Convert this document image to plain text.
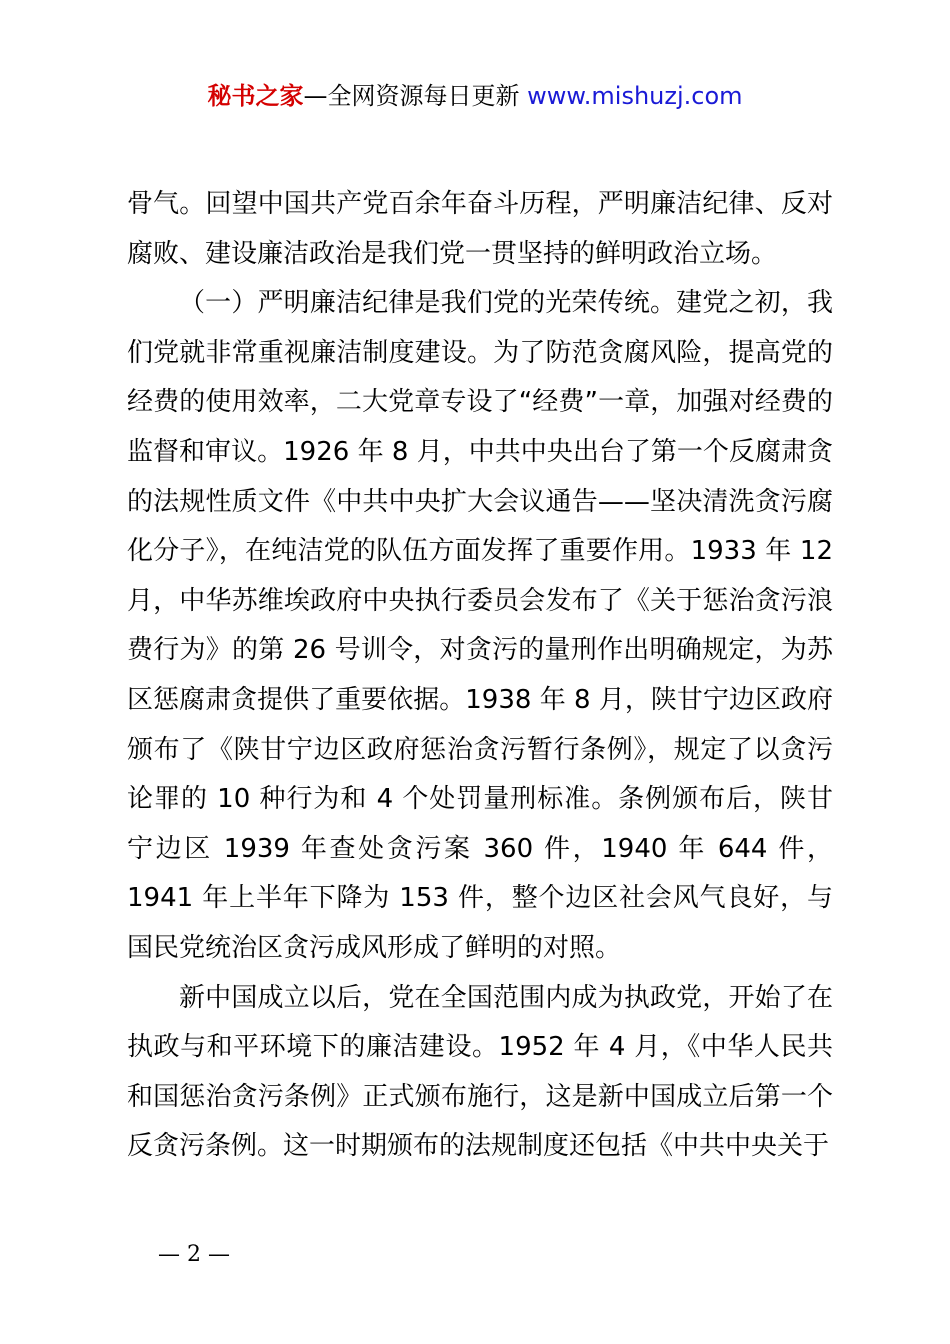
秘书之家—全网资源每日更新 www.mishuzj.com

骨气。回望中国共产党百余年奋斗历程，严明廉洁纪律、反对腐败、建设廉洁政治是我们党一贯坚持的鲜明政治立场。

（一）严明廉洁纪律是我们党的光荣传统。建党之初，我们党就非常重视廉洁制度建设。为了防范贪腐风险，提高党的经费的使用效率，二大党章专设了“经费”一章，加强对经费的监督和审议。1926 年 8 月，中共中央出台了第一个反腐肃贪的法规性质文件《中共中央扩大会议通告——坚决清洗贪污腐化分子》，在纯洁党的队伍方面发挥了重要作用。1933 年 12 月，中华苏维埃政府中央执行委员会发布了《关于惩治贪污浪费行为》的第 26 号训令，对贪污的量刑作出明确规定，为苏区惩腐肃贪提供了重要依据。1938 年 8 月，陕甘宁边区政府颁布了《陕甘宁边区政府惩治贪污暂行条例》，规定了以贪污论罪的 10 种行为和 4 个处罚量刑标准。条例颁布后，陕甘宁边区 1939 年查处贪污案 360 件，1940 年 644 件，1941 年上半年下降为 153 件，整个边区社会风气良好，与国民党统治区贪污成风形成了鲜明的对照。

新中国成立以后，党在全国范围内成为执政党，开始了在执政与和平环境下的廉洁建设。1952 年 4 月，《中华人民共和国惩治贪污条例》正式颁布施行，这是新中国成立后第一个反贪污条例。这一时期颁布的法规制度还包括《中共中央关于

— 2 —
